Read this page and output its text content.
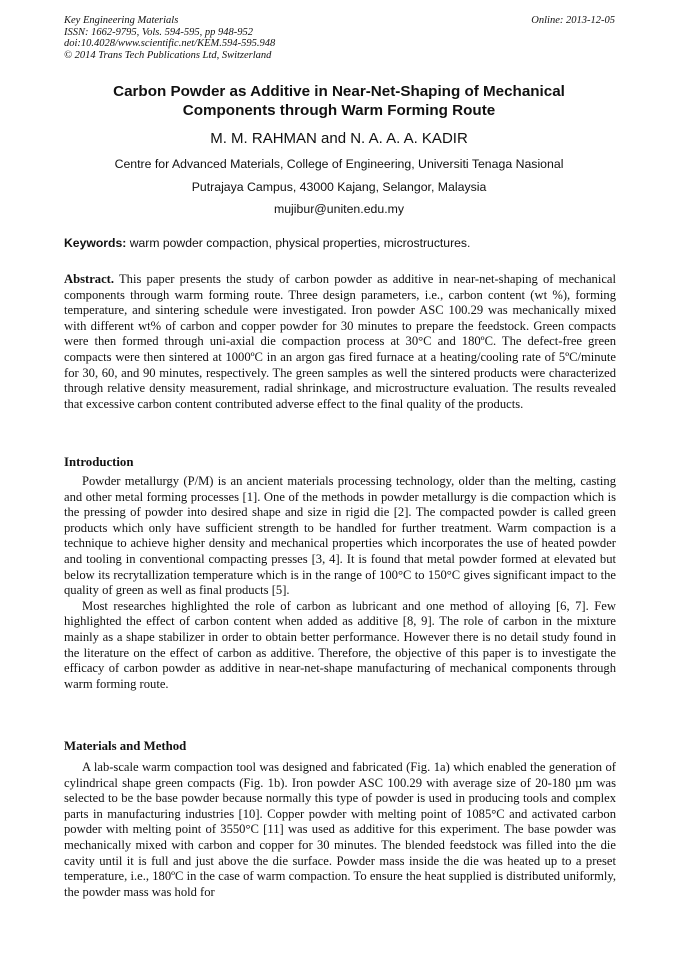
Key Engineering Materials
ISSN: 1662-9795, Vols. 594-595, pp 948-952
doi:10.4028/www.scientific.net/KEM.594-595.948
© 2014 Trans Tech Publications Ltd, Switzerland
Online: 2013-12-05
Carbon Powder as Additive in Near-Net-Shaping of Mechanical
Components through Warm Forming Route
M. M. RAHMAN and N. A. A. A. KADIR
Centre for Advanced Materials, College of Engineering, Universiti Tenaga Nasional
Putrajaya Campus, 43000 Kajang, Selangor, Malaysia
mujibur@uniten.edu.my
Keywords: warm powder compaction, physical properties, microstructures.

Abstract. This paper presents the study of carbon powder as additive in near-net-shaping of mechanical components through warm forming route. Three design parameters, i.e., carbon content (wt %), forming temperature, and sintering schedule were investigated. Iron powder ASC 100.29 was mechanically mixed with different wt% of carbon and copper powder for 30 minutes to prepare the feedstock. Green compacts were then formed through uni-axial die compaction process at 30°C and 180ºC. The defect-free green compacts were then sintered at 1000ºC in an argon gas fired furnace at a heating/cooling rate of 5ºC/minute for 30, 60, and 90 minutes, respectively. The green samples as well the sintered products were characterized through relative density measurement, radial shrinkage, and microstructure evaluation. The results revealed that excessive carbon content contributed adverse effect to the final quality of the products.

Introduction

Powder metallurgy (P/M) is an ancient materials processing technology, older than the melting, casting and other metal forming processes [1]. One of the methods in powder metallurgy is die compaction which is the pressing of powder into desired shape and size in rigid die [2]. The compacted powder is called green products which only have sufficient strength to be handled for further treatment. Warm compaction is a technique to achieve higher density and mechanical properties which incorporates the use of heated powder and tooling in conventional compacting presses [3, 4]. It is found that metal powder formed at elevated but below its recrytallization temperature which is in the range of 100°C to 150°C gives significant impact to the quality of green as well as final products [5].

Most researches highlighted the role of carbon as lubricant and one method of alloying [6, 7]. Few highlighted the effect of carbon content when added as additive [8, 9]. The role of carbon in the mixture mainly as a shape stabilizer in order to obtain better performance. However there is no detail study found in the literature on the effect of carbon as additive. Therefore, the objective of this paper is to investigate the efficacy of carbon powder as additive in near-net-shape manufacturing of mechanical components through warm forming route.

Materials and Method

A lab-scale warm compaction tool was designed and fabricated (Fig. 1a) which enabled the generation of cylindrical shape green compacts (Fig. 1b). Iron powder ASC 100.29 with average size of 20-180 µm was selected to be the base powder because normally this type of powder is used in producing tools and complex parts in manufacturing industries [10]. Copper powder with melting point of 1085°C and activated carbon powder with melting point of 3550°C [11] was used as additive for this experiment. The base powder was mechanically mixed with carbon and copper for 30 minutes. The blended feedstock was filled into the die cavity until it is full and just above the die surface. Powder mass inside the die was heated up to a preset temperature, i.e., 180ºC in the case of warm compaction. To ensure the heat supplied is distributed uniformly, the powder mass was hold for
